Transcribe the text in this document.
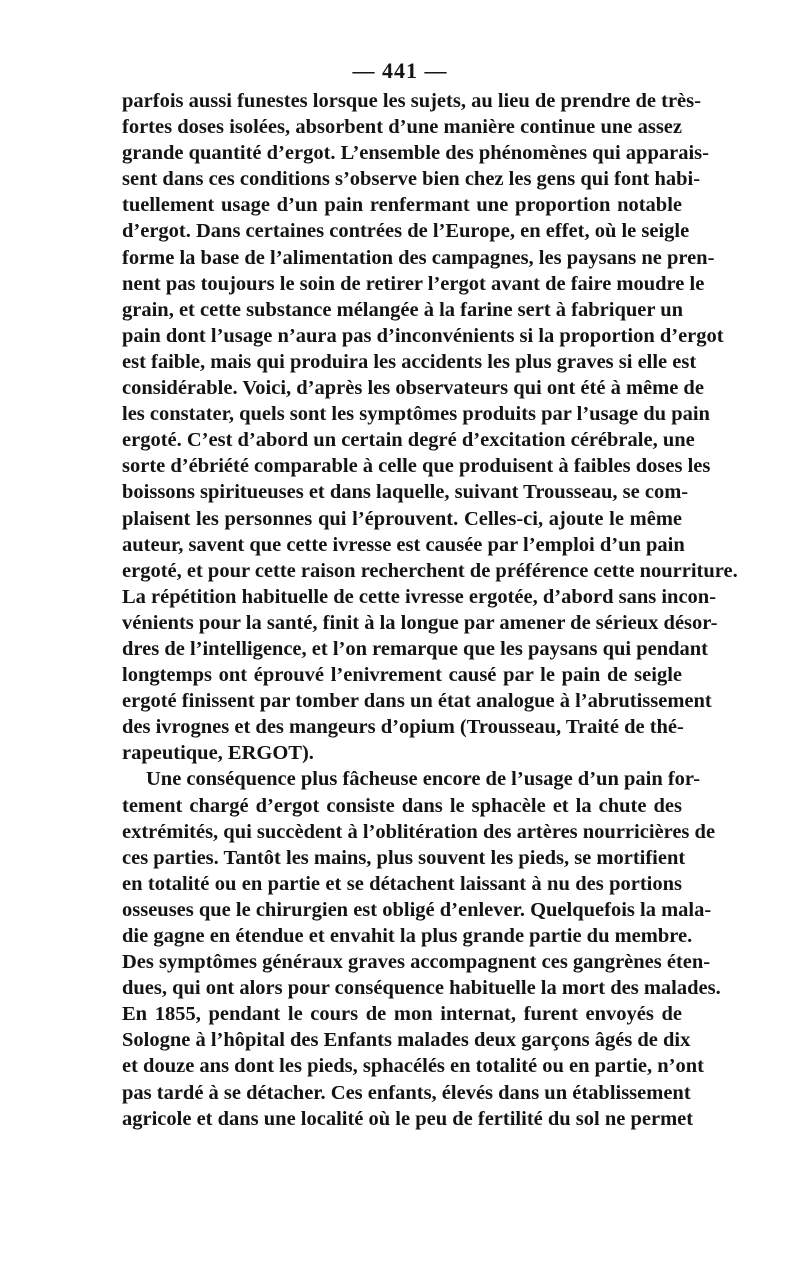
— 441 —
parfois aussi funestes lorsque les sujets, au lieu de prendre de très-
fortes doses isolées, absorbent d’une manière continue une assez
grande quantité d’ergot. L’ensemble des phénomènes qui apparais-
sent dans ces conditions s’observe bien chez les gens qui font habi-
tuellement usage d’un pain renfermant une proportion notable
d’ergot. Dans certaines contrées de l’Europe, en effet, où le seigle
forme la base de l’alimentation des campagnes, les paysans ne pren-
nent pas toujours le soin de retirer l’ergot avant de faire moudre le
grain, et cette substance mélangée à la farine sert à fabriquer un
pain dont l’usage n’aura pas d’inconvénients si la proportion d’ergot
est faible, mais qui produira les accidents les plus graves si elle est
considérable. Voici, d’après les observateurs qui ont été à même de
les constater, quels sont les symptômes produits par l’usage du pain
ergoté. C’est d’abord un certain degré d’excitation cérébrale, une
sorte d’ébriété comparable à celle que produisent à faibles doses les
boissons spiritueuses et dans laquelle, suivant Trousseau, se com-
plaisent les personnes qui l’éprouvent. Celles-ci, ajoute le même
auteur, savent que cette ivresse est causée par l’emploi d’un pain
ergoté, et pour cette raison recherchent de préférence cette nourriture.
La répétition habituelle de cette ivresse ergotée, d’abord sans incon-
vénients pour la santé, finit à la longue par amener de sérieux désor-
dres de l’intelligence, et l’on remarque que les paysans qui pendant
longtemps ont éprouvé l’enivrement causé par le pain de seigle
ergoté finissent par tomber dans un état analogue à l’abrutissement
des ivrognes et des mangeurs d’opium (Trousseau, Traité de thé-
rapeutique, ERGOT).
Une conséquence plus fâcheuse encore de l’usage d’un pain for-
tement chargé d’ergot consiste dans le sphacèle et la chute des
extrémités, qui succèdent à l’oblitération des artères nourricières de
ces parties. Tantôt les mains, plus souvent les pieds, se mortifient
en totalité ou en partie et se détachent laissant à nu des portions
osseuses que le chirurgien est obligé d’enlever. Quelquefois la mala-
die gagne en étendue et envahit la plus grande partie du membre.
Des symptômes généraux graves accompagnent ces gangrènes éten-
dues, qui ont alors pour conséquence habituelle la mort des malades.
En 1855, pendant le cours de mon internat, furent envoyés de
Sologne à l’hôpital des Enfants malades deux garçons âgés de dix
et douze ans dont les pieds, sphacélés en totalité ou en partie, n’ont
pas tardé à se détacher. Ces enfants, élevés dans un établissement
agricole et dans une localité où le peu de fertilité du sol ne permet
